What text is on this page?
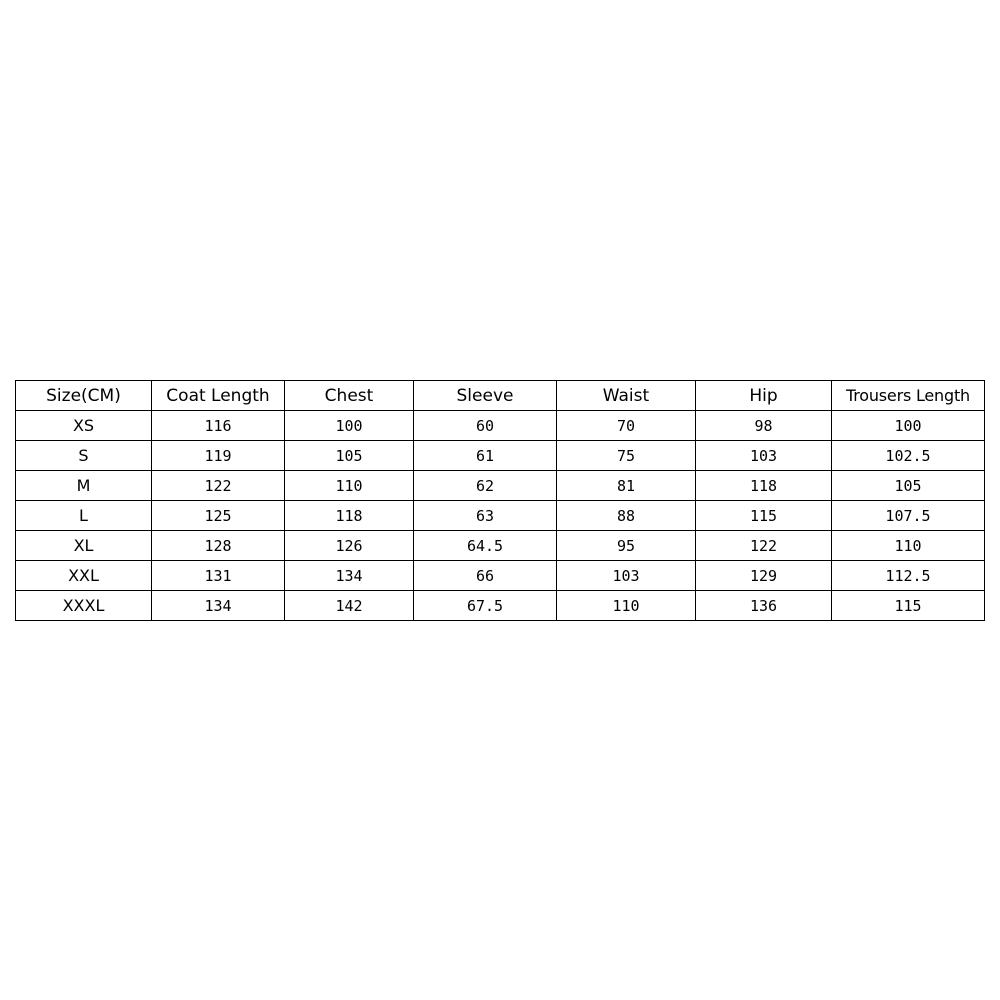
Size(CM)	Coat Length	Chest	Sleeve	Waist	Hip	Trousers Length
XS	116	100	60	70	98	100
S	119	105	61	75	103	102.5
M	122	110	62	81	118	105
L	125	118	63	88	115	107.5
XL	128	126	64.5	95	122	110
XXL	131	134	66	103	129	112.5
XXXL	134	142	67.5	110	136	115
